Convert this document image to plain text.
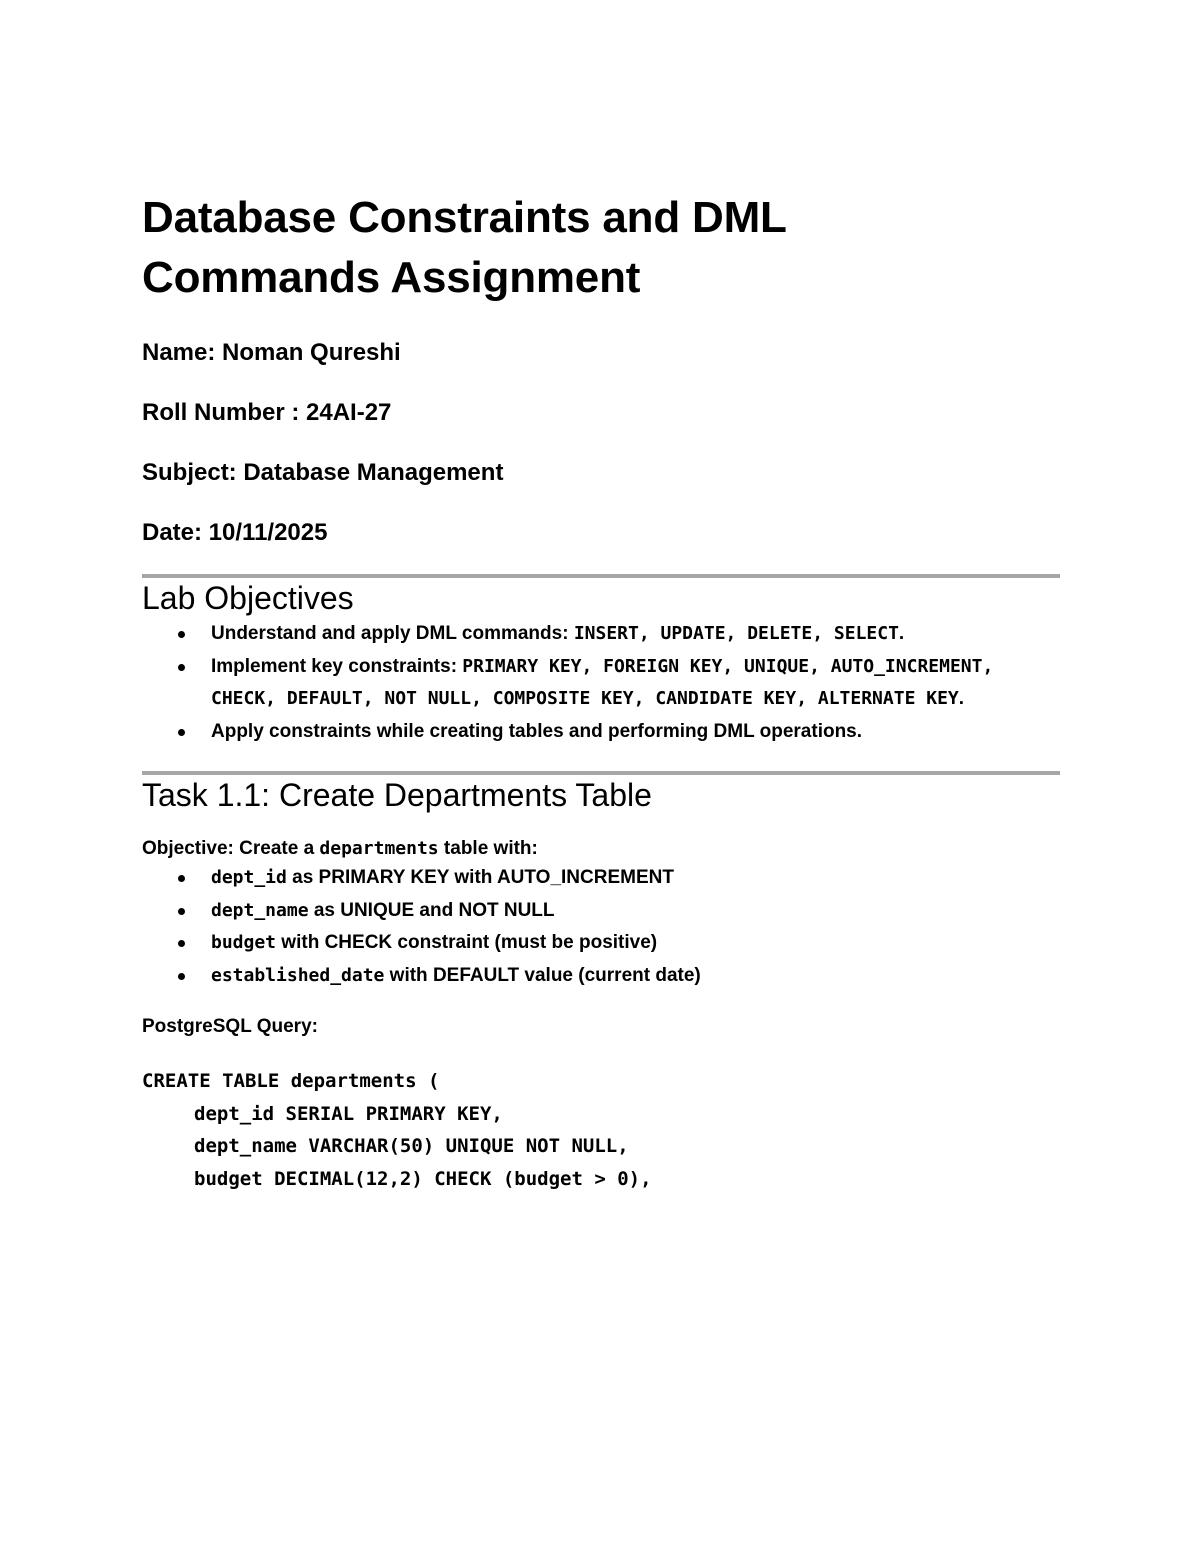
Database Constraints and DML
Commands Assignment

Name: Noman Qureshi

Roll Number : 24AI-27

Subject: Database Management

Date: 10/11/2025

Lab Objectives
Understand and apply DML commands: INSERT, UPDATE, DELETE, SELECT.
Implement key constraints: PRIMARY KEY, FOREIGN KEY, UNIQUE, AUTO_INCREMENT, CHECK, DEFAULT, NOT NULL, COMPOSITE KEY, CANDIDATE KEY, ALTERNATE KEY.
Apply constraints while creating tables and performing DML operations.
Task 1.1: Create Departments Table

Objective: Create a departments table with:

dept_id as PRIMARY KEY with AUTO_INCREMENT
dept_name as UNIQUE and NOT NULL
budget with CHECK constraint (must be positive)
established_date with DEFAULT value (current date)

PostgreSQL Query:

CREATE TABLE departments (
dept_id SERIAL PRIMARY KEY,
dept_name VARCHAR(50) UNIQUE NOT NULL,
budget DECIMAL(12,2) CHECK (budget > 0),
